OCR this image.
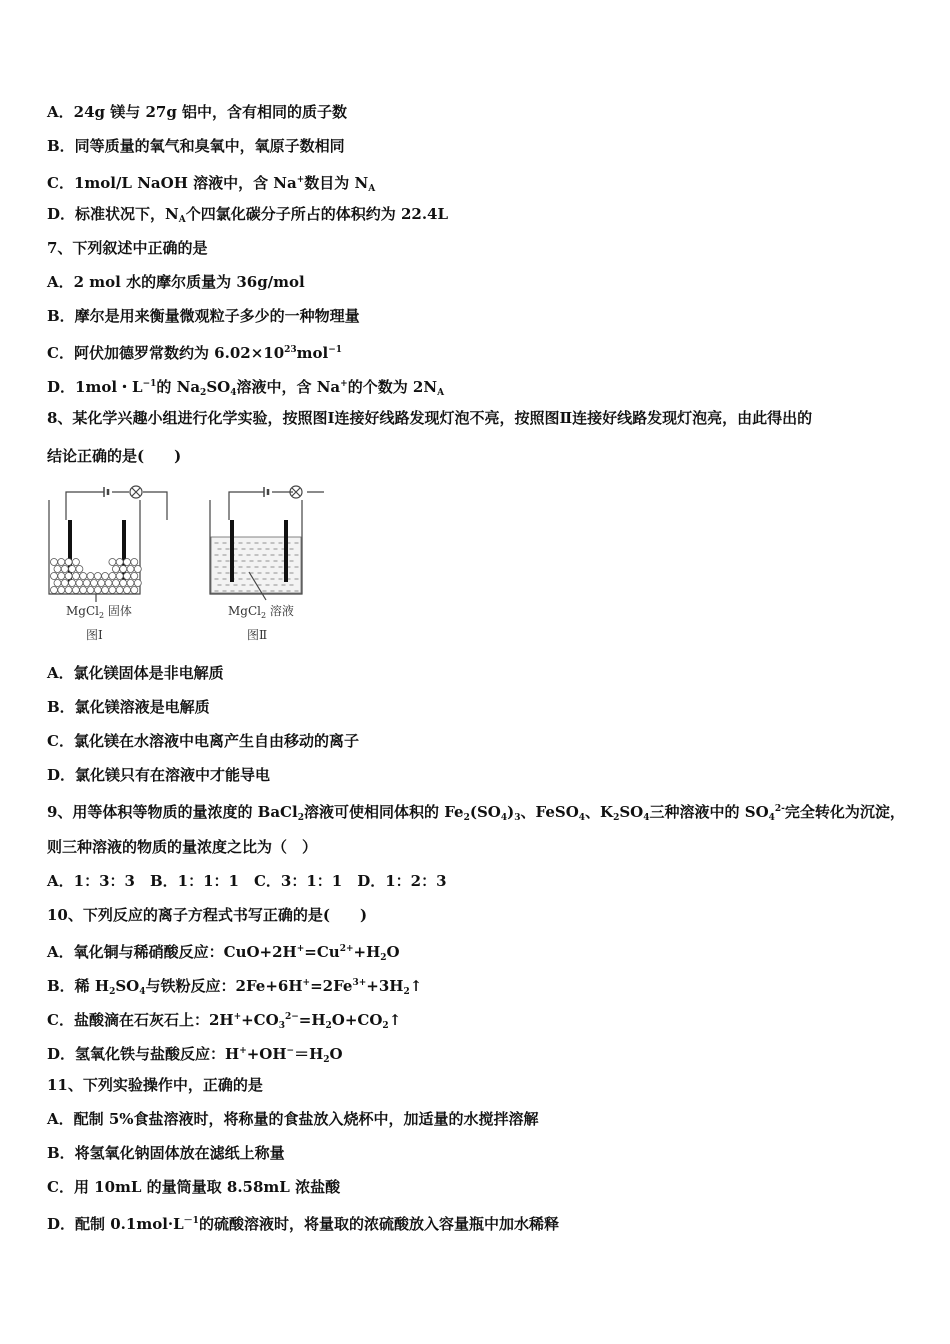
A．24g 镁与 27g 铝中，含有相同的质子数
B．同等质量的氧气和臭氧中，氧原子数相同
C．1mol/L NaOH 溶液中，含 Na+数目为 $N_A$
D．标准状况下，$N_A$个四氯化碳分子所占的体积约为 22.4L
7、下列叙述中正确的是
A．2 mol 水的摩尔质量为 36g/mol
B．摩尔是用来衡量微观粒子多少的一种物理量
C．阿伏加德罗常数约为 $6.02\times 10^{23}mol^{-1}$
D．1mol・$L^{-1}$的 $Na_2SO_4$溶液中，含 Na+的个数为 $2N_A$
8、某化学兴趣小组进行化学实验，按照图Ⅰ连接好线路发现灯泡不亮，按照图Ⅱ连接好线路发现灯泡亮，由此得出的
结论正确的是(　　)
A．氯化镁固体是非电解质
B．氯化镁溶液是电解质
C．氯化镁在水溶液中电离产生自由移动的离子
D．氯化镁只有在溶液中才能导电
9、用等体积等物质的量浓度的 BaCl$_2$溶液可使相同体积的 $Fe_2(SO_4)_3$、FeSO$_4$、$K_2SO_4$三种溶液中的 $SO_4^{2-}$完全转化为沉淀，
则三种溶液的物质的量浓度之比为（　）
A．1：3：3　B．1：1：1　C．3：1：1　D．1：2：3
10、下列反应的离子方程式书写正确的是(　　)
A．氧化铜与稀硝酸反应：$CuO+2H^+=Cu^{2+}+H_2O$
B．稀 $H_2SO_4$与铁粉反应：$2Fe+6H^+=2Fe^{3+}+3H_2↑$
C．盐酸滴在石灰石上：$2H^++CO_3^{2-}=H_2O+CO_2↑$
D．氢氧化铁与盐酸反应：$H^++OH^-=H_2O$
11、下列实验操作中，正确的是
A．配制 5%食盐溶液时，将称量的食盐放入烧杯中，加适量的水搅拌溶解
B．将氢氧化钠固体放在滤纸上称量
C．用 10mL 的量筒量取 8.58mL 浓盐酸
D．配制 $0.1mol\cdot L^{-1}$的硫酸溶液时，将量取的浓硫酸放入容量瓶中加水稀释
MgCl$_2$ 固体
图Ⅰ
MgCl$_2$ 溶液
图Ⅱ
